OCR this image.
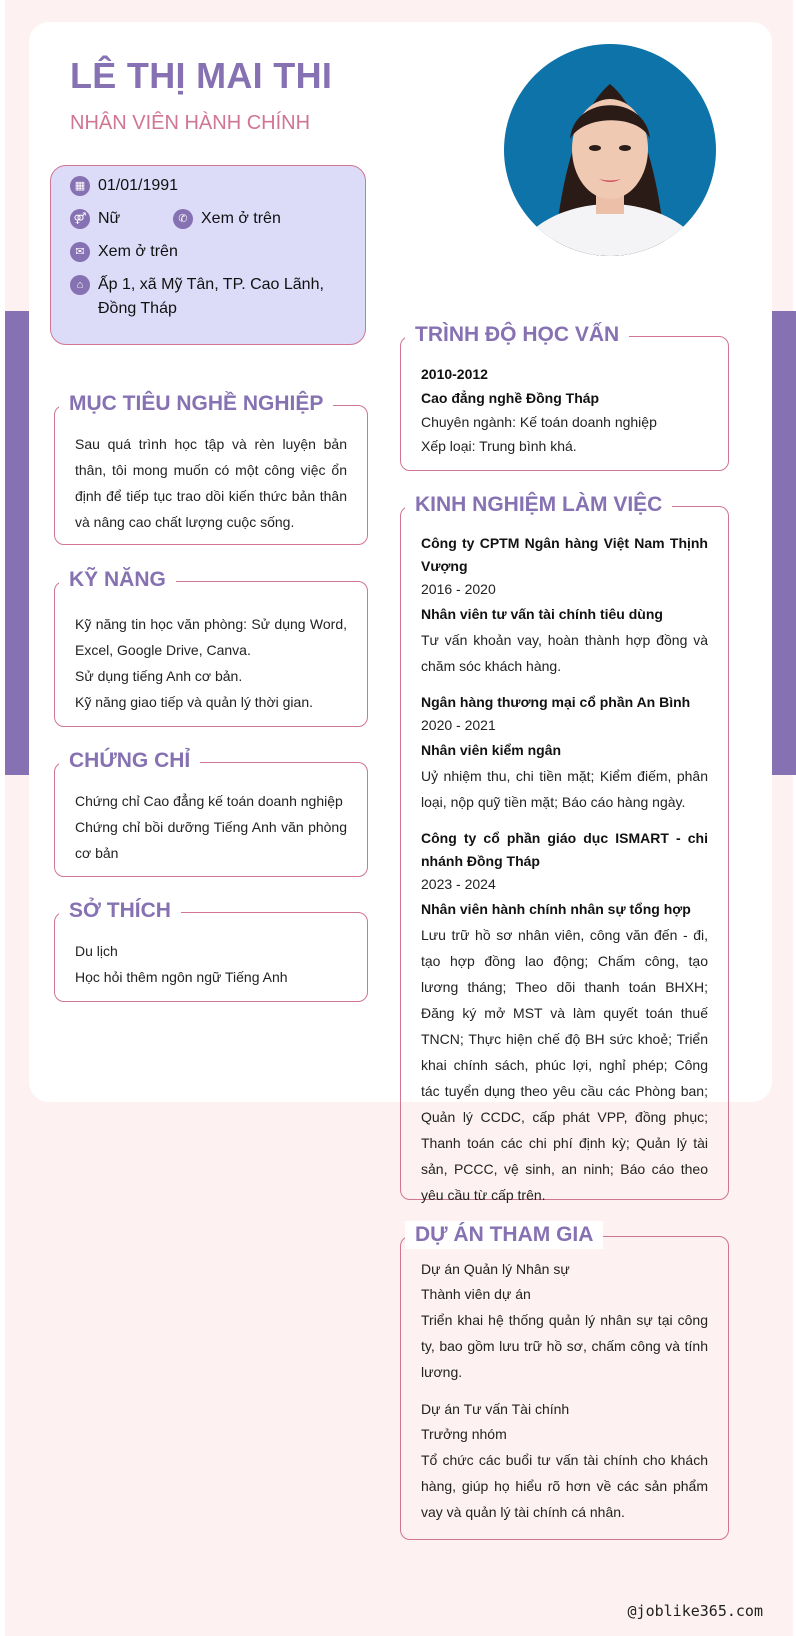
LÊ THỊ MAI THI
NHÂN VIÊN HÀNH CHÍNH
▦ 01/01/1991
⚤ Nữ	✆ Xem ở trên
✉ Xem ở trên
⌂ Ấp 1, xã Mỹ Tân, TP. Cao Lãnh,
Đồng Tháp
MỤC TIÊU NGHỀ NGHIỆP

Sau quá trình học tập và rèn luyện bản thân, tôi mong muốn có một công việc ổn định để tiếp tục trao dồi kiến thức bản thân và nâng cao chất lượng cuộc sống.

KỸ NĂNG

Kỹ năng tin học văn phòng: Sử dụng Word, Excel, Google Drive, Canva.

Sử dụng tiếng Anh cơ bản.

Kỹ năng giao tiếp và quản lý thời gian.

CHỨNG CHỈ

Chứng chỉ Cao đẳng kế toán doanh nghiệp

Chứng chỉ bồi dưỡng Tiếng Anh văn phòng cơ bản

SỞ THÍCH

Du lịch

Học hỏi thêm ngôn ngữ Tiếng Anh

TRÌNH ĐỘ HỌC VẤN

2010-2012

Cao đẳng nghề Đồng Tháp

Chuyên ngành: Kế toán doanh nghiệp

Xếp loại: Trung bình khá.

KINH NGHIỆM LÀM VIỆC

Công ty CPTM Ngân hàng Việt Nam Thịnh Vượng

2016 - 2020

Nhân viên tư vấn tài chính tiêu dùng

Tư vấn khoản vay, hoàn thành hợp đồng và chăm sóc khách hàng.

Ngân hàng thương mại cổ phần An Bình

2020 - 2021

Nhân viên kiểm ngân

Uỷ nhiệm thu, chi tiền mặt; Kiểm điếm, phân loại, nộp quỹ tiền mặt; Báo cáo hàng ngày.

Công ty cổ phần giáo dục ISMART - chi nhánh Đồng Tháp

2023 - 2024

Nhân viên hành chính nhân sự tổng hợp

Lưu trữ hồ sơ nhân viên, công văn đến - đi, tạo hợp đồng lao động; Chấm công, tạo lương tháng; Theo dõi thanh toán BHXH; Đăng ký mở MST và làm quyết toán thuế TNCN; Thực hiện chế độ BH sức khoẻ; Triển khai chính sách, phúc lợi, nghỉ phép; Công tác tuyển dụng theo yêu cầu các Phòng ban; Quản lý CCDC, cấp phát VPP, đồng phục; Thanh toán các chi phí định kỳ; Quản lý tài sản, PCCC, vệ sinh, an ninh; Báo cáo theo yêu cầu từ cấp trên.

DỰ ÁN THAM GIA

Dự án Quản lý Nhân sự

Thành viên dự án

Triển khai hệ thống quản lý nhân sự tại công ty, bao gồm lưu trữ hồ sơ, chấm công và tính lương.

Dự án Tư vấn Tài chính

Trưởng nhóm

Tổ chức các buổi tư vấn tài chính cho khách hàng, giúp họ hiểu rõ hơn về các sản phẩm vay và quản lý tài chính cá nhân.

@joblike365.com
